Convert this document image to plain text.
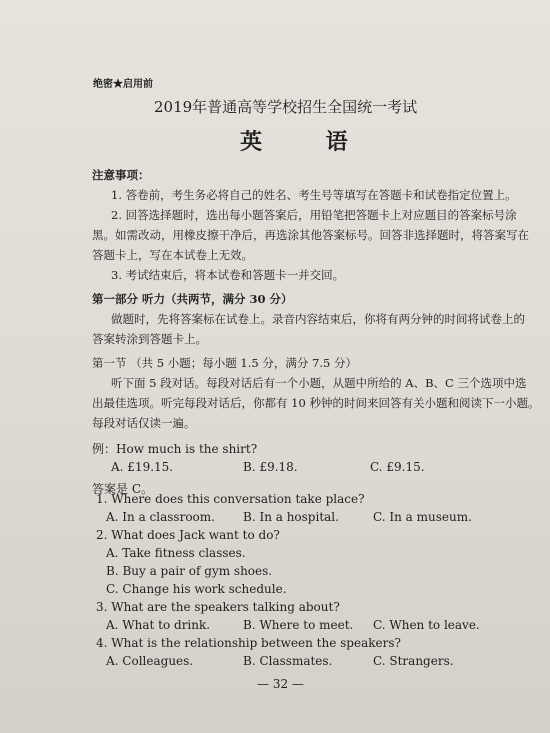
绝密★启用前
2019年普通高等学校招生全国统一考试
英 语
注意事项：
1. 答卷前，考生务必将自己的姓名、考生号等填写在答题卡和试卷指定位置上。
2. 回答选择题时，选出每小题答案后，用铅笔把答题卡上对应题目的答案标号涂
黑。如需改动，用橡皮擦干净后，再选涂其他答案标号。回答非选择题时，将答案写在
答题卡上，写在本试卷上无效。
3. 考试结束后，将本试卷和答题卡一并交回。
第一部分 听力（共两节，满分 30 分）
做题时，先将答案标在试卷上。录音内容结束后，你将有两分钟的时间将试卷上的
答案转涂到答题卡上。
第一节 （共 5 小题；每小题 1.5 分，满分 7.5 分）
听下面 5 段对话。每段对话后有一个小题，从题中所给的 A、B、C 三个选项中选
出最佳选项。听完每段对话后，你都有 10 秒钟的时间来回答有关小题和阅读下一小题。
每段对话仅读一遍。
例：How much is the shirt?
A. £19.15.	B. £9.18.	C. £9.15.
答案是 C。
1. Where does this conversation take place?
A. In a classroom. B. In a hospital.	C. In a museum.
2. What does Jack want to do?
A. Take fitness classes.
B. Buy a pair of gym shoes.
C. Change his work schedule.
3. What are the speakers talking about?
A. What to drink.	B. Where to meet. C. When to leave.
4. What is the relationship between the speakers?
A. Colleagues.	B. Classmates.	C. Strangers.
— 32 —
